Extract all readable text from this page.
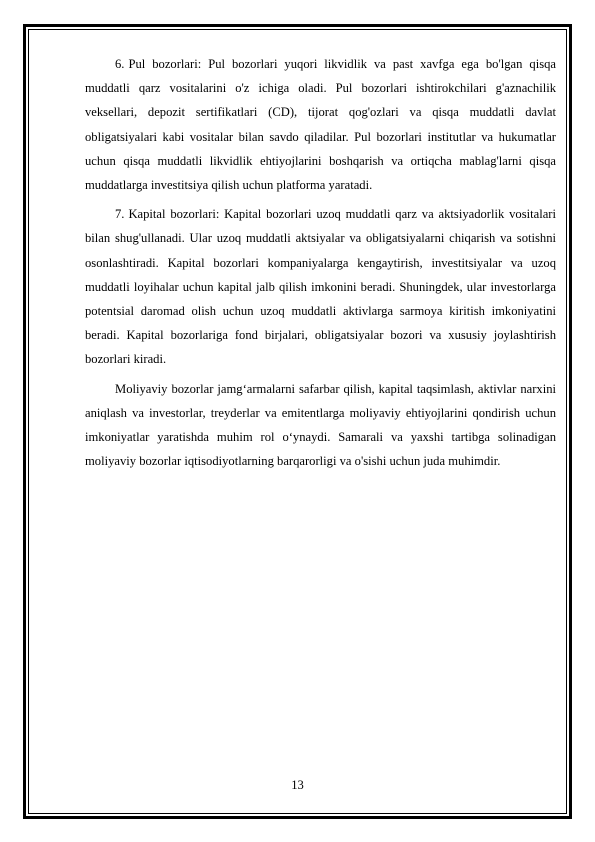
6. Pul bozorlari: Pul bozorlari yuqori likvidlik va past xavfga ega bo'lgan qisqa muddatli qarz vositalarini o'z ichiga oladi. Pul bozorlari ishtirokchilari g'aznachilik veksellari, depozit sertifikatlari (CD), tijorat qog'ozlari va qisqa muddatli davlat obligatsiyalari kabi vositalar bilan savdo qiladilar. Pul bozorlari institutlar va hukumatlar uchun qisqa muddatli likvidlik ehtiyojlarini boshqarish va ortiqcha mablag'larni qisqa muddatlarga investitsiya qilish uchun platforma yaratadi.

7. Kapital bozorlari: Kapital bozorlari uzoq muddatli qarz va aktsiyadorlik vositalari bilan shug'ullanadi. Ular uzoq muddatli aktsiyalar va obligatsiyalarni chiqarish va sotishni osonlashtiradi. Kapital bozorlari kompaniyalarga kengaytirish, investitsiyalar va uzoq muddatli loyihalar uchun kapital jalb qilish imkonini beradi. Shuningdek, ular investorlarga potentsial daromad olish uchun uzoq muddatli aktivlarga sarmoya kiritish imkoniyatini beradi. Kapital bozorlariga fond birjalari, obligatsiyalar bozori va xususiy joylashtirish bozorlari kiradi.

Moliyaviy bozorlar jamg‘armalarni safarbar qilish, kapital taqsimlash, aktivlar narxini aniqlash va investorlar, treyderlar va emitentlarga moliyaviy ehtiyojlarini qondirish uchun imkoniyatlar yaratishda muhim rol o‘ynaydi. Samarali va yaxshi tartibga solinadigan moliyaviy bozorlar iqtisodiyotlarning barqarorligi va o'sishi uchun juda muhimdir.

13
